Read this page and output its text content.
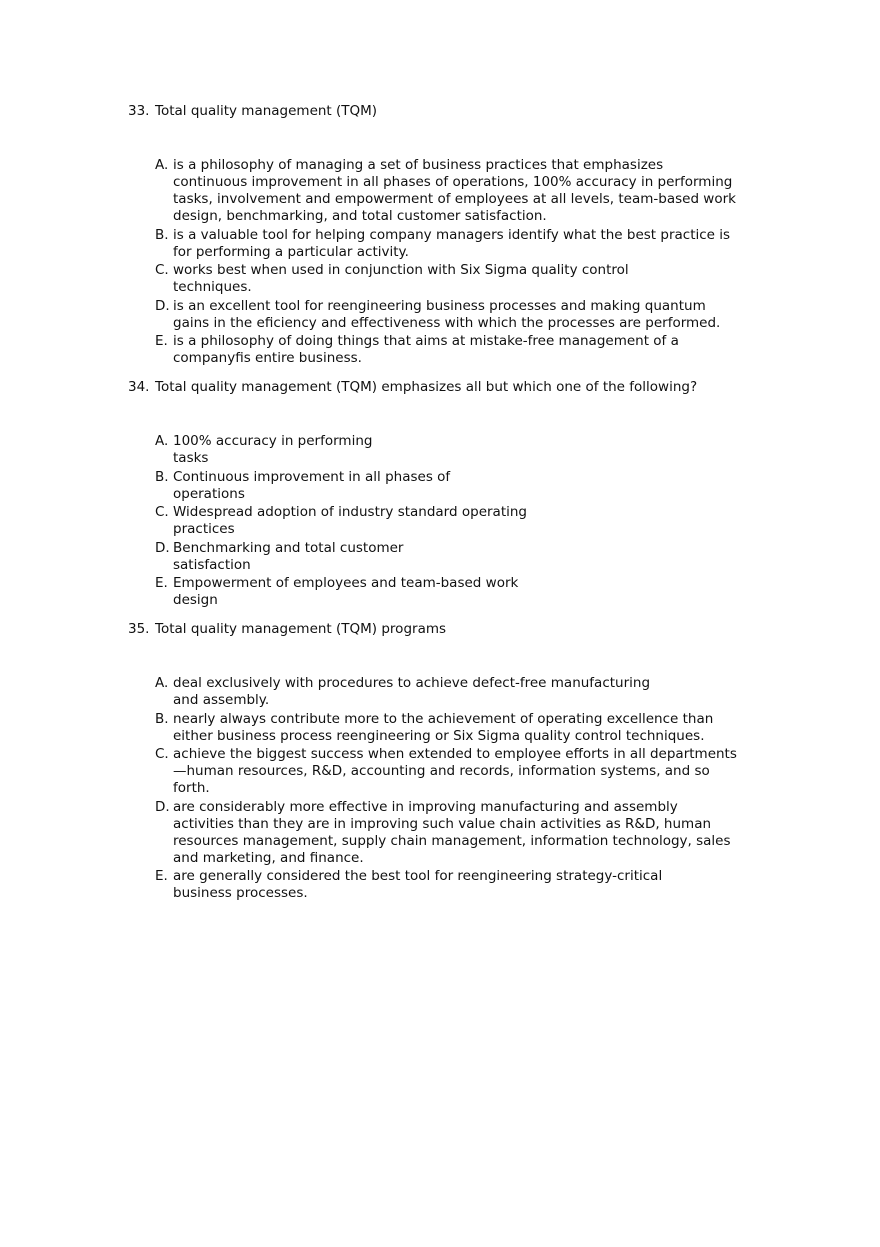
33. Total quality management (TQM)
A. is a philosophy of managing a set of business practices that emphasizes
continuous improvement in all phases of operations, 100% accuracy in performing
tasks, involvement and empowerment of employees at all levels, team-based work
design, benchmarking, and total customer satisfaction.
B. is a valuable tool for helping company managers identify what the best practice is
for performing a particular activity.
C. works best when used in conjunction with Six Sigma quality control
techniques.
D. is an excellent tool for reengineering business processes and making quantum
gains in the eficiency and effectiveness with which the processes are performed.
E. is a philosophy of doing things that aims at mistake-free management of a
companyfis entire business.
34. Total quality management (TQM) emphasizes all but which one of the following?
A. 100% accuracy in performing
tasks
B. Continuous improvement in all phases of
operations
C. Widespread adoption of industry standard operating
practices
D. Benchmarking and total customer
satisfaction
E. Empowerment of employees and team-based work
design
35. Total quality management (TQM) programs
A. deal exclusively with procedures to achieve defect-free manufacturing
and assembly.
B. nearly always contribute more to the achievement of operating excellence than
either business process reengineering or Six Sigma quality control techniques.
C. achieve the biggest success when extended to employee efforts in all departments
—human resources, R&D, accounting and records, information systems, and so
forth.
D. are considerably more effective in improving manufacturing and assembly
activities than they are in improving such value chain activities as R&D, human
resources management, supply chain management, information technology, sales
and marketing, and finance.
E. are generally considered the best tool for reengineering strategy-critical
business processes.
